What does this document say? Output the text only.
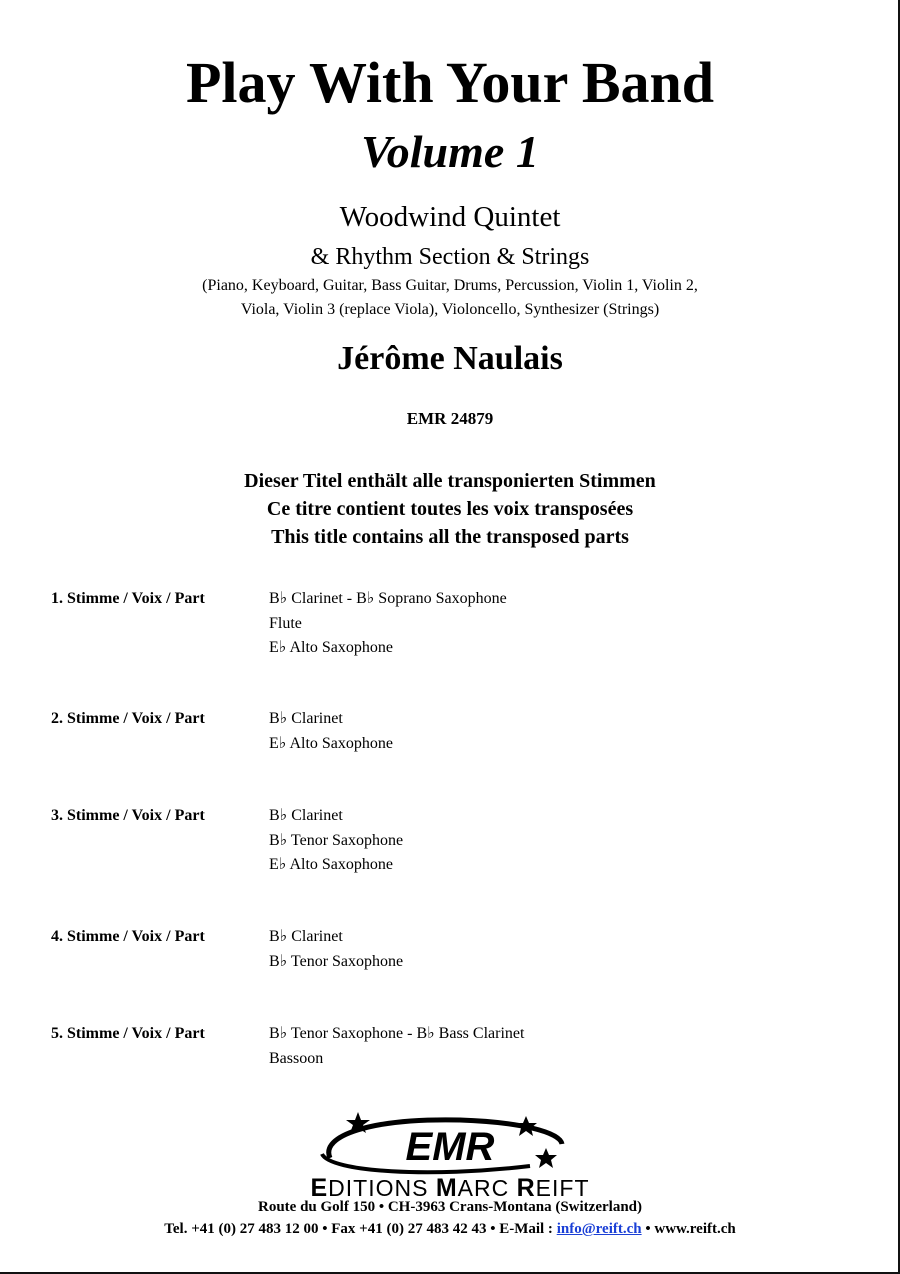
Play With Your Band
Volume 1
Woodwind Quintet
& Rhythm Section & Strings
(Piano, Keyboard, Guitar, Bass Guitar, Drums, Percussion, Violin 1, Violin 2,
Viola, Violin 3 (replace Viola), Violoncello, Synthesizer (Strings)
Jérôme Naulais
EMR 24879
Dieser Titel enthält alle transponierten Stimmen
Ce titre contient toutes les voix transposées
This title contains all the transposed parts
1. Stimme / Voix / Part	B♭ Clarinet - B♭ Soprano Saxophone
Flute
E♭ Alto Saxophone
2. Stimme / Voix / Part	B♭ Clarinet
E♭ Alto Saxophone
3. Stimme / Voix / Part	B♭ Clarinet
B♭ Tenor Saxophone
E♭ Alto Saxophone
4. Stimme / Voix / Part	B♭ Clarinet
B♭ Tenor Saxophone
5. Stimme / Voix / Part	B♭ Tenor Saxophone - B♭ Bass Clarinet
Bassoon
EMR
EDITIONS MARC REIFT
Route du Golf 150 • CH-3963 Crans-Montana (Switzerland)
Tel. +41 (0) 27 483 12 00 • Fax +41 (0) 27 483 42 43 • E-Mail : info@reift.ch • www.reift.ch
